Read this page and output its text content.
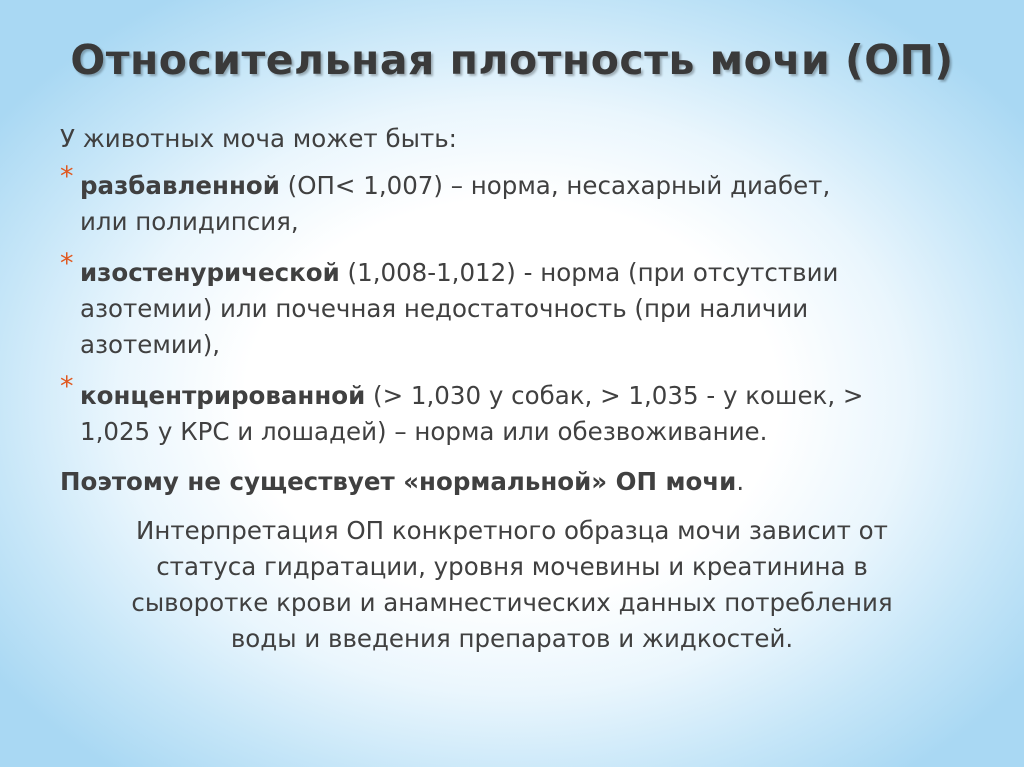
Относительная плотность мочи (ОП)
У животных моча может быть:
* разбавленной (ОП< 1,007) – норма, несахарный диабет,
или полидипсия,
* изостенурической (1,008-1,012) - норма (при отсутствии
азотемии) или почечная недостаточность (при наличии
азотемии),
* концентрированной (> 1,030 у собак, > 1,035 - у кошек, >
1,025 у КРС и лошадей) – норма или обезвоживание.
Поэтому не существует «нормальной» ОП мочи.
Интерпретация ОП конкретного образца мочи зависит от
статуса гидратации, уровня мочевины и креатинина в
сыворотке крови и анамнестических данных потребления
воды и введения препаратов и жидкостей.
